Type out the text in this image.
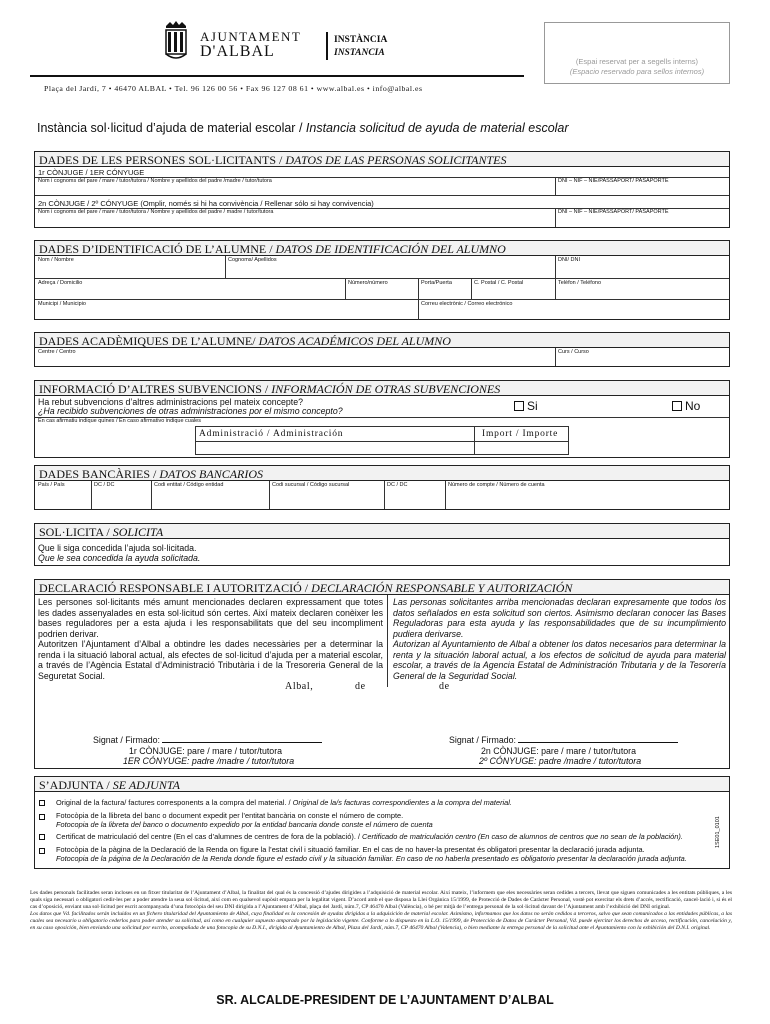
AJUNTAMENT
D'ALBAL
INSTÀNCIA
INSTANCIA
(Espai reservat per a segells interns)
(Espacio reservado para sellos internos)
Plaça del Jardí, 7 • 46470 ALBAL • Tel. 96 126 00 56 • Fax 96 127 08 61 • www.albal.es • info@albal.es
Instància sol·licitud d’ajuda de material escolar / Instancia solicitud de ayuda de material escolar
DADES DE LES PERSONES SOL·LICITANTS / DATOS DE LAS PERSONAS SOLICITANTES
1r CÒNJUGE / 1ER CÓNYUGE
Nom i cognoms del pare / mare / tutor/tutora / Nombre y apellidos del padre /madre / tutor/tutora	DNI – NIF – NIE/PASSAPORT/ PASAPORTE
2n CÒNJUGE / 2º CÓNYUGE (Omplir, només si hi ha convivència / Rellenar sólo si hay convivencia)
Nom i cognoms del pare / mare / tutor/tutora / Nombre y apellidos del padre / madre / tutor/tutora	DNI – NIF – NIE/PASSAPORT/ PASAPORTE
DADES D’IDENTIFICACIÓ DE L’ALUMNE / DATOS DE IDENTIFICACIÓN DEL ALUMNO
Nom / Nombre	Cognoms/ Apellidos	DNI/ DNI
Adreça / Domicilio	Número/número	Porta/Puerta	C. Postal / C. Postal	Telèfon / Teléfono
Municipi / Municipio	Correu electrònic / Correo electrónico
DADES ACADÈMIQUES DE L’ALUMNE/ DATOS ACADÉMICOS DEL ALUMNO
Centre / Centro	Curs / Curso
INFORMACIÓ D’ALTRES SUBVENCIONS / INFORMACIÓN DE OTRAS SUBVENCIONES
Ha rebut subvencions d’altres administracions pel mateix concepte?
¿Ha recibido subvenciones de otras administraciones por el mismo concepto?	Si	No
En cas afirmatiu indique quines / En caso afirmativo indique cuales
Administració / Administración	Import / Importe
DADES BANCÀRIES / DATOS BANCARIOS
País / País	DC / DC	Codi entitat / Código entidad	Codi sucursal / Código sucursal	DC / DC	Número de compte / Número de cuenta
SOL·LICITA / SOLICITA
Que li siga concedida l’ajuda sol·licitada.
Que le sea concedida la ayuda solicitada.
DECLARACIÓ RESPONSABLE I AUTORITZACIÓ / DECLARACIÓN RESPONSABLE Y AUTORIZACIÓN
Les persones sol·licitants més amunt mencionades declaren expressament que totes les dades assenyalades en esta sol·licitud són certes. Així mateix declaren conèixer les bases reguladores per a esta ajuda i les responsabilitats que del seu incompliment podrien derivar.
Autoritzen l’Ajuntament d’Albal a obtindre les dades necessàries per a determinar la renda i la situació laboral actual, als efectes de sol·licitud d’ajuda per a material escolar, a través de l’Agència Estatal d’Administració Tributària i de la Tresoreria General de la Seguretat Social.
Las personas solicitantes arriba mencionadas declaran expresamente que todos los datos señalados en esta solicitud son ciertos. Asimismo declaran conocer las Bases Reguladoras para esta ayuda y las responsabilidades que de su incumplimiento pudiera derivarse.
Autorizan al Ayuntamiento de Albal a obtener los datos necesarios para determinar la renta y la situación laboral actual, a los efectos de solicitud de ayuda para material escolar, a través de la Agencia Estatal de Administración Tributaria y de la Tesorería General de la Seguridad Social.
Albal,	de	de
Signat / Firmado:
1r CÒNJUGE: pare / mare / tutor/tutora
1ER CÓNYUGE: padre /madre / tutor/tutora
Signat / Firmado:
2n CÒNJUGE: pare / mare / tutor/tutora
2º CÓNYUGE: padre /madre / tutor/tutora
S’ADJUNTA / SE ADJUNTA
Original de la factura/ factures corresponents a la compra del material. / Original de la/s facturas correspondientes a la compra del material.
Fotocòpia de la llibreta del banc o document expedit per l’entitat bancària on conste el número de compte.
Fotocopia de la libreta del banco o documento expedido por la entidad bancaria donde conste el número de cuenta
Certificat de matriculació del centre (En el cas d’alumnes de centres de fora de la població). / Certificado de matriculación centro (En caso de alumnos de centros que no sean de la población).
Fotocòpia de la pàgina de la Declaració de la Renda on figure la l’estat civil i situació familiar. En el cas de no haver-la presentat és obligatori presentar la declaració jurada adjunta.
Fotocopia de la página de la Declaración de la Renda donde figure el estado civil y la situación familiar. En caso de no haberla presentado es obligatorio presentar la declaración jurada adjunta.
1SE01_0101
Les dades personals facilitades seran incloses en un fitxer titularitat de l’Ajuntament d’Albal, la finalitat del qual és la concessió d’ajudes dirigides a l’adquisició de material escolar. Així mateix, l’informem que eles necessàries seran cedides a tercers, llevat que siguen comunicades a les entitats públiques, a les quals siga necessari o obligatori cedir-les per a poder atendre la seua sol·licitud, així com en qualsevol supòsit empara per la legalitat vigent. D’acord amb el que disposa la Llei Orgànica 15/1999, de Protecció de Dades de Caràcter Personal, vostè pot exercitar els drets d’accés, rectificació, cancel·lació i, si és el cas d’oposició, enviant una sol·licitud per escrit acompanyada d’una fotocòpia del seu DNI dirigida a l’Ajuntament d’Albal, plaça del Jardí, núm.7, CP 46470 Albal (València), o bé per mitjà de l’entrega personal de la sol·licitud davant de l’Ajuntament amb l’exhibició del DNI original.
Los datos que Vd. facilitados serán incluidos en un fichero titularidad del Ayuntamiento de Albal, cuya finalidad es la concesión de ayudas dirigidas a la adquisición de material escolar. Asimismo, informamos que los datos no serán cedidos a terceros, salvo que sean comunicados a las entidades públicas, a las cuales sea necesario u obligatorio cederlos para poder atender su solicitud, así como en cualquier supuesto amparado por la legislación vigente. Conforme a lo dispuesto en la L.O. 15/1999, de Protección de Datos de Carácter Personal, Vd. puede ejercitar los derechos de acceso, rectificación, cancelación y, en su caso oposición, bien enviando una solicitud por escrito, acompañada de una fotocopia de su D.N.I., dirigida al Ayuntamiento de Albal, Plaza del Jardí, núm.7, CP 46470 Albal (Valencia), o bien mediante la entrega personal de la solicitud ante el Ayuntamiento con la exhibición del D.N.I. original.
SR. ALCALDE-PRESIDENT DE L’AJUNTAMENT D’ALBAL
